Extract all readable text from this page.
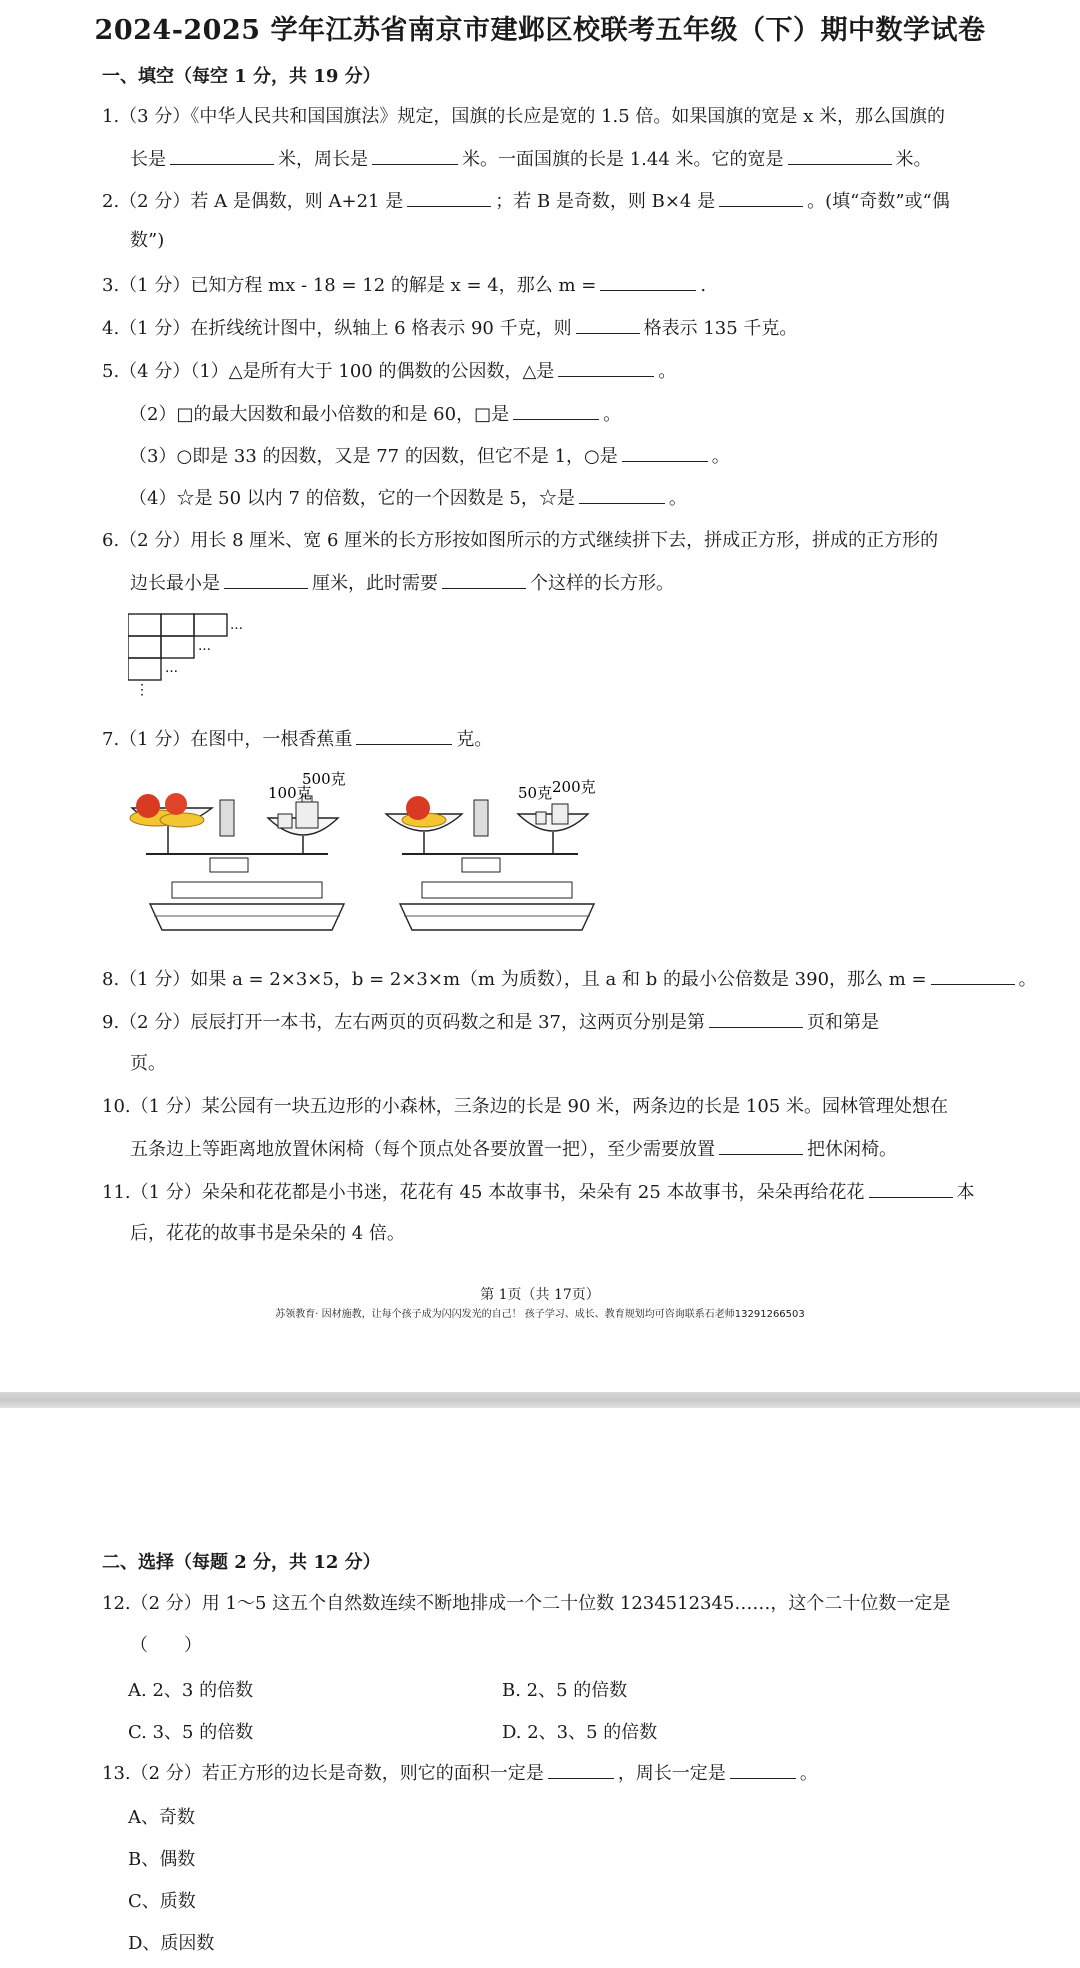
2024-2025 学年江苏省南京市建邺区校联考五年级（下）期中数学试卷
一、填空（每空 1 分，共 19 分）
1.（3 分）《中华人民共和国国旗法》规定，国旗的长应是宽的 1.5 倍。如果国旗的宽是 x 米，那么国旗的
长是	米，周长是	米。一面国旗的长是 1.44 米。它的宽是	米。
2.（2 分）若 A 是偶数，则 A+21 是	；若 B 是奇数，则 B×4 是	。(填“奇数”或“偶
数”)
3.（1 分）已知方程 mx - 18 = 12 的解是 x = 4，那么 m =	.
4.（1 分）在折线统计图中，纵轴上 6 格表示 90 千克，则	格表示 135 千克。
5.（4 分）（1）△是所有大于 100 的偶数的公因数，△是	。
（2）□的最大因数和最小倍数的和是 60，□是	。
（3）○即是 33 的因数，又是 77 的因数，但它不是 1，○是	。
（4）☆是 50 以内 7 的倍数，它的一个因数是 5，☆是	。
6.（2 分）用长 8 厘米、宽 6 厘米的长方形按如图所示的方式继续拼下去，拼成正方形，拼成的正方形的
边长最小是	厘米，此时需要	个这样的长方形。
…
…
…
⋮
7.（1 分）在图中，一根香蕉重	克。
100克
500克
50克 200克
8.（1 分）如果 a = 2×3×5，b = 2×3×m（m 为质数），且 a 和 b 的最小公倍数是 390，那么 m =	。
9.（2 分）辰辰打开一本书，左右两页的页码数之和是 37，这两页分别是第	页和第是
页。
10.（1 分）某公园有一块五边形的小森林，三条边的长是 90 米，两条边的长是 105 米。园林管理处想在
五条边上等距离地放置休闲椅（每个顶点处各要放置一把），至少需要放置	把休闲椅。
11.（1 分）朵朵和花花都是小书迷，花花有 45 本故事书，朵朵有 25 本故事书，朵朵再给花花	本
后，花花的故事书是朵朵的 4 倍。
第 1页（共 17页）
苏领教育· 因材施教，让每个孩子成为闪闪发光的自己！ 孩子学习、成长、教育规划均可咨询联系石老师13291266503
二、选择（每题 2 分，共 12 分）
12.（2 分）用 1～5 这五个自然数连续不断地排成一个二十位数 1234512345……，这个二十位数一定是
（　　）
A. 2、3 的倍数	B. 2、5 的倍数
C. 3、5 的倍数	D. 2、3、5 的倍数
13.（2 分）若正方形的边长是奇数，则它的面积一定是	，周长一定是	。
A、奇数
B、偶数
C、质数
D、质因数
